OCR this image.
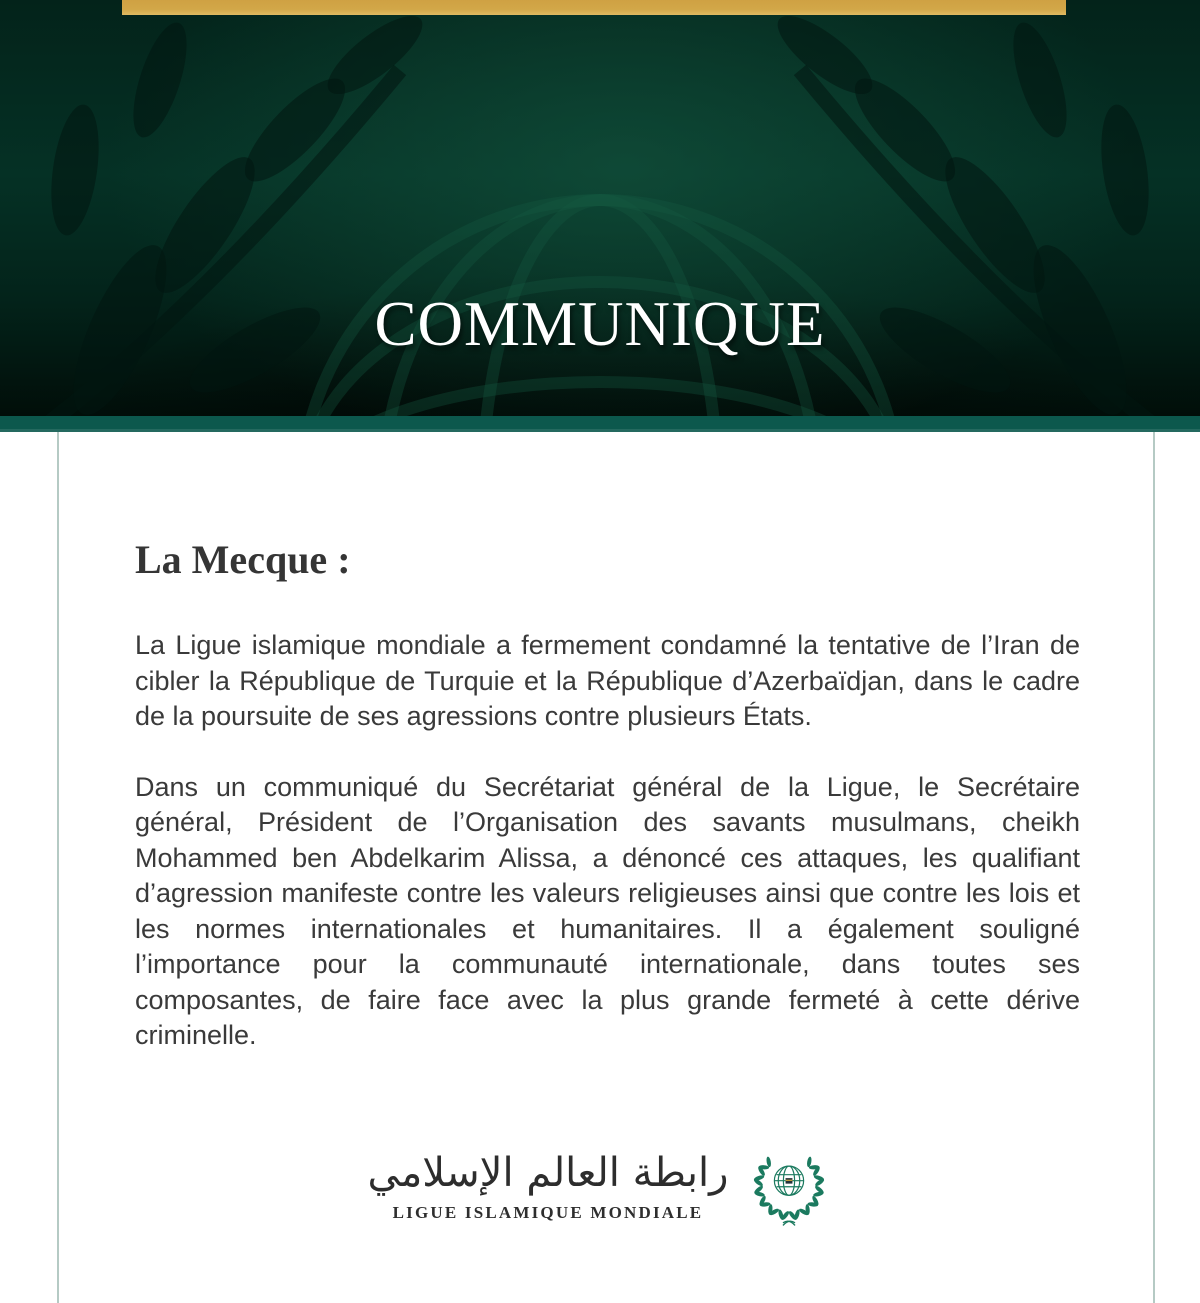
COMMUNIQUE
La Mecque :

La Ligue islamique mondiale a fermement condamné la tentative de l’Iran de cibler la République de Turquie et la République d’Azerbaïdjan, dans le cadre de la poursuite de ses agressions contre plusieurs États.

Dans un communiqué du Secrétariat général de la Ligue, le Secrétaire général, Président de l’Organisation des savants musulmans, cheikh Mohammed ben Abdelkarim Alissa, a dénoncé ces attaques, les qualifiant d’agression manifeste contre les valeurs religieuses ainsi que contre les lois et les normes internationales et humanitaires. Il a également souligné l’importance pour la communauté internationale, dans toutes ses composantes, de faire face avec la plus grande fermeté à cette dérive criminelle.

رابطة العالم الإسلامي
LIGUE ISLAMIQUE MONDIALE
